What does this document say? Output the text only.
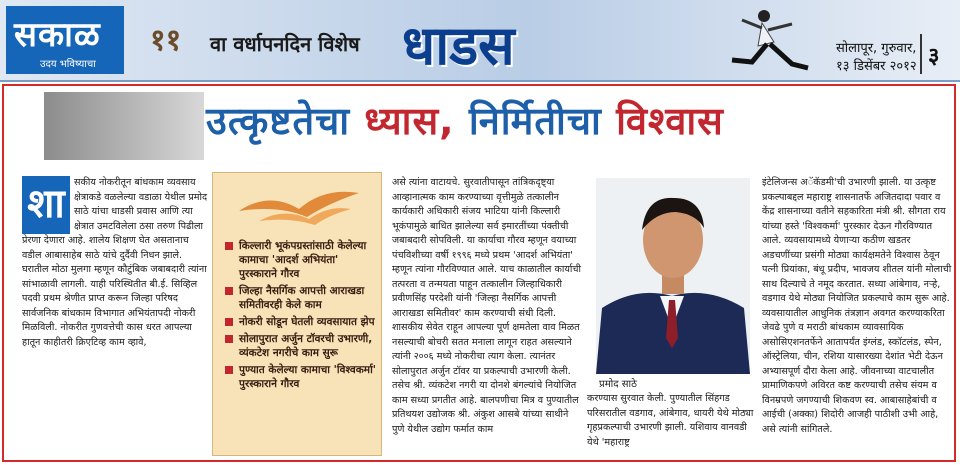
सकाळ
उदय भविष्याचा
११ वा वर्धापनदिन विशेष धाडस	सोलापूर, गुरुवार,
१३ डिसेंबर २०१२ ३
उत्कृष्टतेचा ध्यास, निर्मितीचा विश्वास
शा सकीय नोकरीतून बांधकाम व्यवसाय क्षेत्राकडे वळलेल्या वडाळा येथील प्रमोद साठे यांचा धाडसी प्रवास आणि त्या क्षेत्रात उमटविलेला ठसा तरुण पिढीला प्रेरणा देणारा आहे. शालेय शिक्षण घेत असतानाच वडील आबासाहेब साठे यांचे दुर्दैवी निधन झाले. घरातील मोठा मुलगा म्हणून कौटुंबिक जबाबदारी त्यांना सांभाळावी लागली. याही परिस्थितीत बी.ई. सिव्हिल पदवी प्रथम श्रेणीत प्राप्त करून जिल्हा परिषद सार्वजनिक बांधकाम विभागात अभियंतापदी नोकरी मिळविली. नोकरीत गुणवत्तेची कास धरत आपल्या हातून काहीतरी क्रिएटिव्ह काम व्हावे,
किल्लारी भूकंपग्रस्तांसाठी केलेल्या कामाचा 'आदर्श अभियंता' पुरस्काराने गौरव
जिल्हा नैसर्गिक आपत्ती आराखडा समितीवरही केले काम
नोकरी सोडून घेतली व्यवसायात झेप
सोलापुरात अर्जुन टॉवरची उभारणी, व्यंकटेश नगरीचे काम सुरू
पुण्यात केलेल्या कामाचा 'विश्वकर्मा' पुरस्काराने गौरव
असे त्यांना वाटायचे. सुरवातीपासून तांत्रिकदृष्ट्या आव्हानात्मक काम करण्याच्या वृत्तीमुळे तत्कालीन कार्यकारी अधिकारी संजय भाटिया यांनी किल्लारी भूकंपामुळे बाधित झालेल्या सर्व इमारतींच्या पंक्तीची जबाबदारी सोपविली. या कार्याचा गौरव म्हणून वयाच्या पंचविशीच्या वर्षी १९९६ मध्ये प्रथम 'आदर्श अभियंता' म्हणून त्यांना गौरविण्यात आले. याच काळातील कार्याची तत्परता व तन्मयता पाहून तत्कालीन जिल्हाधिकारी प्रवीणसिंह परदेशी यांनी 'जिल्हा नैसर्गिक आपत्ती आराखडा समितीवर' काम करण्याची संधी दिली. शासकीय सेवेत राहून आपल्या पूर्ण क्षमतेला वाव मिळत नसल्याची बोचरी सतत मनाला लागून राहत असल्याने त्यांनी २००६ मध्ये नोकरीचा त्याग केला. त्यानंतर सोलापुरात अर्जुन टॉवर या प्रकल्पाची उभारणी केली. तसेच श्री. व्यंकटेश नगरी या दोनशे बंगल्यांचे नियोजित काम सध्या प्रगतीत आहे. बालपणीचा मित्र व पुण्यातील प्रतिथयश उद्योजक श्री. अंकुश आसबे यांच्या साथीने पुणे येथील उद्योग फर्मात काम
प्रमोद साठे
करण्यास सुरवात केली. पुण्यातील सिंहगड परिसरातील वडगाव, आंबेगाव, धायरी येथे मोठ्या गृहप्रकल्पाची उभारणी झाली. यशिवाय वानवडी येथे 'महाराष्ट्र
इंटेलिजन्स अॅकॅडमी'ची उभारणी झाली. या उत्कृष्ट प्रकल्पाबद्दल महाराष्ट्र शासनातर्फे अजितदादा पवार व केंद्र शासनाच्या वतीने सहकारिता मंत्री श्री. सौगता राय यांच्या हस्ते 'विश्वकर्मा' पुरस्कार देऊन गौरविण्यात आले. व्यवसायामध्ये येणाऱ्या कठीण खडतर अडचणींच्या प्रसंगी मोठ्या कार्यक्षमतेने विश्वास ठेवून पत्नी प्रियांका, बंधू प्रदीप, भावजय शीतल यांनी मोलाची साथ दिल्याचे ते नमूद करतात. सध्या आंबेगाव, नऱ्हे, वडगाव येथे मोठ्या नियोजित प्रकल्पाचे काम सुरू आहे. व्यवसायातील आधुनिक तंत्रज्ञान अवगत करण्याकरिता जेवढे पुणे व मराठी बांधकाम व्यावसायिक असोसिएशनतर्फेने आतापर्यंत इंग्लंड, स्कॉटलंड, स्पेन, ऑस्ट्रेलिया, चीन, रशिया यासारख्या देशांत भेटी देऊन अभ्यासपूर्ण दौरा केला आहे. जीवनाच्या वाटचालीत प्रामाणिकपणे अविरत कष्ट करण्याची तसेच संयम व विनम्रपणे जगण्याची शिकवण स्व. आबासाहेबांची व आईची (अक्का) शिदोरी आजही पाठीशी उभी आहे, असे त्यांनी सांगितले.
